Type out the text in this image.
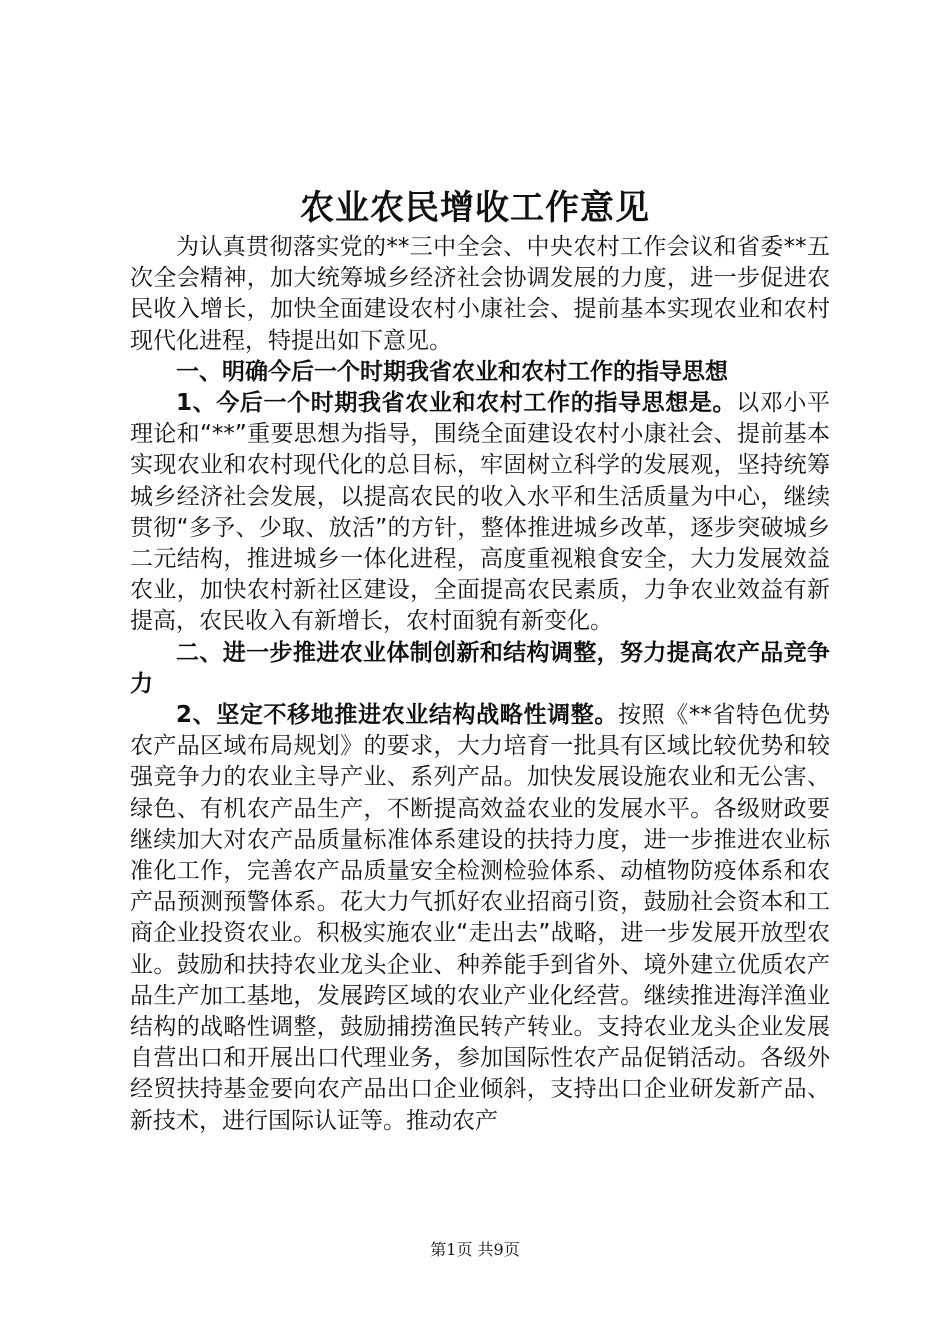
农业农民增收工作意见

为认真贯彻落实党的**三中全会、中央农村工作会议和省委**五次全会精神，加大统筹城乡经济社会协调发展的力度，进一步促进农民收入增长，加快全面建设农村小康社会、提前基本实现农业和农村现代化进程，特提出如下意见。

一、明确今后一个时期我省农业和农村工作的指导思想

1、今后一个时期我省农业和农村工作的指导思想是。以邓小平理论和“**”重要思想为指导，围绕全面建设农村小康社会、提前基本实现农业和农村现代化的总目标，牢固树立科学的发展观，坚持统筹城乡经济社会发展，以提高农民的收入水平和生活质量为中心，继续贯彻“多予、少取、放活”的方针，整体推进城乡改革，逐步突破城乡二元结构，推进城乡一体化进程，高度重视粮食安全，大力发展效益农业，加快农村新社区建设，全面提高农民素质，力争农业效益有新提高，农民收入有新增长，农村面貌有新变化。

二、进一步推进农业体制创新和结构调整，努力提高农产品竞争力

2、坚定不移地推进农业结构战略性调整。按照《**省特色优势农产品区域布局规划》的要求，大力培育一批具有区域比较优势和较强竞争力的农业主导产业、系列产品。加快发展设施农业和无公害、绿色、有机农产品生产，不断提高效益农业的发展水平。各级财政要继续加大对农产品质量标准体系建设的扶持力度，进一步推进农业标准化工作，完善农产品质量安全检测检验体系、动植物防疫体系和农产品预测预警体系。花大力气抓好农业招商引资，鼓励社会资本和工商企业投资农业。积极实施农业“走出去”战略，进一步发展开放型农业。鼓励和扶持农业龙头企业、种养能手到省外、境外建立优质农产品生产加工基地，发展跨区域的农业产业化经营。继续推进海洋渔业结构的战略性调整，鼓励捕捞渔民转产转业。支持农业龙头企业发展自营出口和开展出口代理业务，参加国际性农产品促销活动。各级外经贸扶持基金要向农产品出口企业倾斜，支持出口企业研发新产品、新技术，进行国际认证等。推动农产

第1页 共9页
